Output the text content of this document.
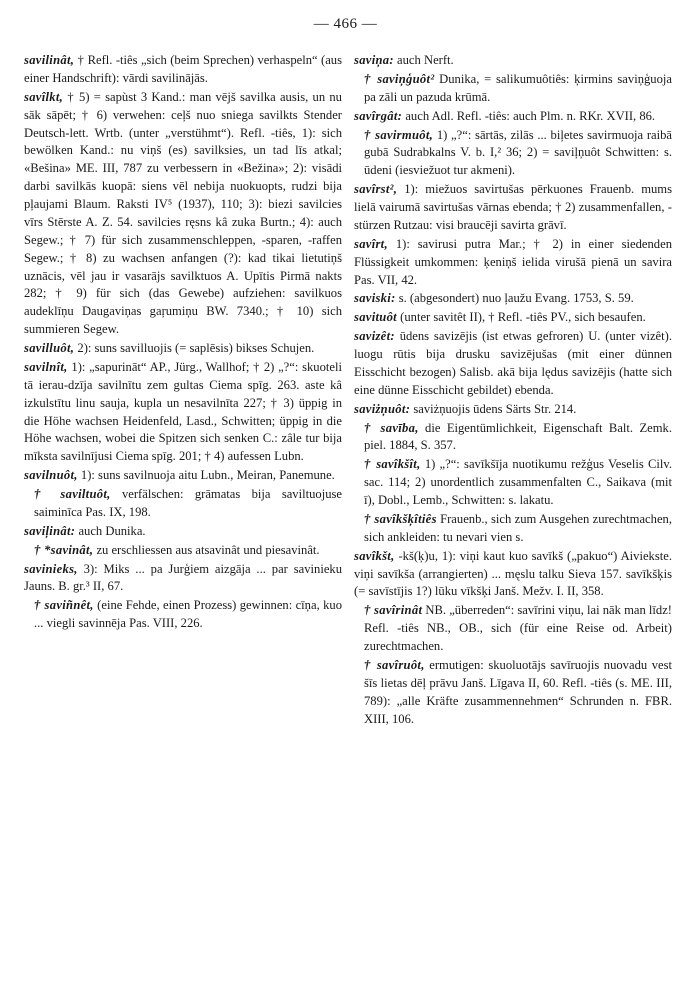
— 466 —

savilinât, † Refl. -tiês „sich (beim Sprechen) verhaspeln“ (aus einer Handschrift): vārdi savilinājās.

savîlkt, † 5) = sapùst 3 Kand.: man vējš savilka ausis, un nu sāk sāpēt; † 6) verwehen: ceļš nuo sniega savilkts Stender Deutsch-lett. Wrtb. (unter „verstühmt“). Refl. -tiês, 1): sich bewölken Kand.: nu viņš (es) savilksies, un tad līs atkal; «Bešina» ME. III, 787 zu verbessern in «Bežina»; 2): visādi darbi savilkās kuopā: siens vēl nebija nuokuopts, rudzi bija pļaujami Blaum. Raksti IV⁵ (1937), 110; 3): biezi savilcies vīrs Stērste A. Z. 54. savilcies ręsns kâ zuka Burtn.; 4): auch Segew.; † 7) für sich zusammenschleppen, -sparen, -raffen Segew.; † 8) zu wachsen anfangen (?): kad tikai lietutiņš uznācis, vēl jau ir vasarājs savilktuos A. Upītis Pirmā nakts 282; † 9) für sich (das Gewebe) aufziehen: savilkuos audeklīņu Daugaviņas gaŗumiņu BW. 7340.; † 10) sich summieren Segew.

savilluôt, 2): suns savilluojis (= saplēsis) bikses Schujen.

savilnît, 1): „sapurināt“ AP., Jürg., Wallhof; † 2) „?“: skuoteli tā ierau-dzīja savilnītu zem gultas Ciema spīg. 263. aste kâ izkulstītu linu sauja, kupla un nesavilnīta 227; † 3) üppig in die Höhe wachsen Heidenfeld, Lasd., Schwitten; üppig in die Höhe wachsen, wobei die Spitzen sich senken C.: zâle tur bija mīksta savilnījusi Ciema spīg. 201; † 4) aufessen Lubn.

savilnuôt, 1): suns savilnuoja aitu Lubn., Meiran, Panemune.

† saviltuôt, verfälschen: grāmatas bija saviltuojuse saiminīca Pas. IX, 198.

saviļinât: auch Dunika.

† *savinât, zu erschliessen aus atsavinât und piesavinât.

savinieks, 3): Miks ... pa Jurģiem aizgāja ... par savinieku Jauns. B. gr.³ II, 67.

† saviñnêt, (eine Fehde, einen Prozess) gewinnen: cīņa, kuo ... viegli savinnēja Pas. VIII, 226.

saviņa: auch Nerft.

† saviņģuôt² Dunika, = salikumuôtiês: ķirmins saviņģuoja pa zāli un pazuda krūmā.

savîrgât: auch Adl. Refl. -tiês: auch Plm. n. RKr. XVII, 86.

† savirmuôt, 1) „?“: sārtās, zilās ... biļetes savirmuoja raibā gubā Sudrabkalns V. b. I,² 36; 2) = saviļņuôt Schwitten: s. ūdeni (iesviežuot tur akmeni).

savîrst², 1): miežuos savirtušas pērkuones Frauenb. mums lielā vairumā savirtušas vārnas ebenda; † 2) zusammenfallen, -stürzen Rutzau: visi braucēji savirta grāvī.

savîrt, 1): savirusi putra Mar.; † 2) in einer siedenden Flüssigkeit umkommen: ķeniņš ielida virušā pienā un savira Pas. VII, 42.

saviski: s. (abgesondert) nuo ļaužu Evang. 1753, S. 59.

savituôt (unter savitêt II), † Refl. -tiês PV., sich besaufen.

savizêt: ūdens savizējis (ist etwas gefroren) U. (unter vizêt). luogu rūtis bija drusku savizējušas (mit einer dünnen Eisschicht bezogen) Salisb. akā bija lędus savizējis (hatte sich eine dünne Eisschicht gebildet) ebenda.

saviżņuôt: saviżņuojis ūdens Särts Str. 214.

† savība, die Eigentümlichkeit, Eigenschaft Balt. Zemk. piel. 1884, S. 357.

† savîkšît, 1) „?“: savīkšīja nuotikumu režģus Veselis Cilv. sac. 114; 2) unordentlich zusammenfalten C., Saikava (mit ī), Dobl., Lemb., Schwitten: s. lakatu.

† savîkšķîtiês Frauenb., sich zum Ausgehen zurechtmachen, sich ankleiden: tu nevari vien s.

savîkšt, -kš(ķ)u, 1): viņi kaut kuo savīkš („pakuo“) Aiviekste. viņi savīkša (arrangierten) ... męslu talku Sieva 157. savīkšķis (= savīstījis 1?) lūku vīkšķi Janš. Mežv. I. II, 358.

† savîrinât NB. „überreden“: savīrini viņu, lai nāk man līdz! Refl. -tiês NB., OB., sich (für eine Reise od. Arbeit) zurechtmachen.

† savîruôt, ermutigen: skuoluotājs savīruojis nuovadu vest šīs lietas dēļ prāvu Janš. Līgava II, 60. Refl. -tiês (s. ME. III, 789): „alle Kräfte zusammennehmen“ Schrunden n. FBR. XIII, 106.
